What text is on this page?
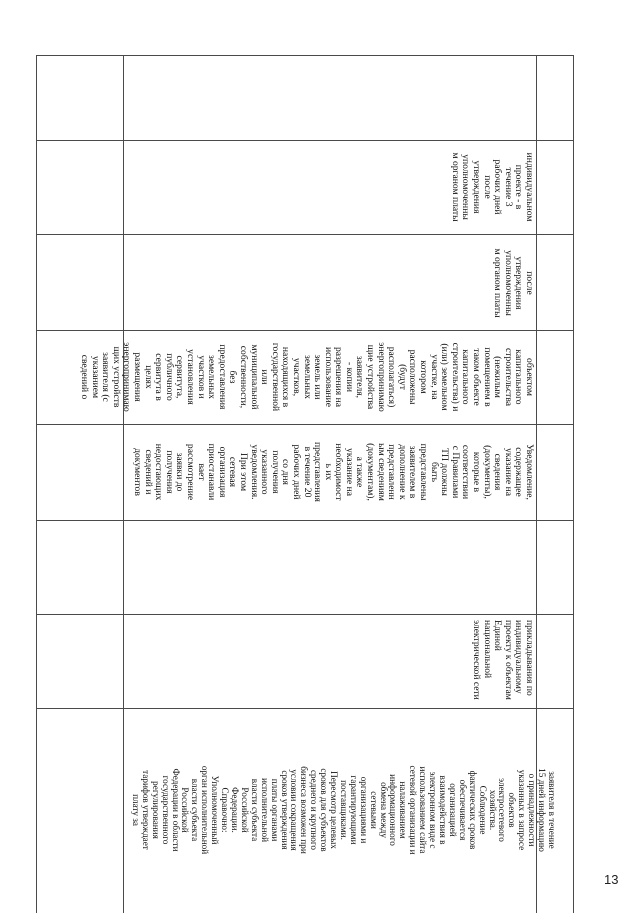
индивидуальном
проекте - в
течение 3
рабочих дней
после
утверждения
уполномоченны
м органом платы
после
утверждения
уполномоченны
м органом платы
объектом
капитального
строительства
(нежилым
помещением в
таком объекте
капитального
строительства) и
(или) земельном
участке, на
котором
расположены
(будут
располагаться)
энергопринимаю
щие устройства
заявителя,
- копии
разрешения на
использование
земель или
земельных
участков,
находящихся в
государственной
или
муниципальной
собственности,
без
предоставления
земельных
участков и
установления
сервитута,
публичного
сервитута в
целях
размещения
энергопринимаю
щих устройств
заявителя (с
указанием
сведений о
Уведомление,
содержащее
указание на
сведения
(документы),
которые в
соответствии
с Правилами
ТП должны
быть
представлены
заявителем в
дополнение к
представленн
ым сведениям
(документам),
а также
указание на
необходимост
ь их
представления
в течение 20
рабочих дней
со дня
получения
указанного
уведомления.
При этом
сетевая
организация
приостанавли
вает
рассмотрение
заявки до
получения
недостающих
сведений и
документов
прикладывания по
индивидуальному
проекту к объектам
Единой
национальной
электрической сети
заявителя в течение
15 дней информацию
о принадлежности
указанных в запросе
объектов
электросетевого
хозяйства.
Соблюдение
фактических сроков
обеспечивается
организацией
взаимодействия в
электронном виде с
использованием сайта
сетевой организации и
налаживанием
информационного
обмена между
сетевыми
организациями и
гарантирующими
поставщиками.
Пересмотр целевых
сроков для субъектов
среднего и крупного
бизнеса возможен при
условии сокращения
сроков утверждения
платы органами
исполнительной
власти субъекта
Российской
Федерации.
Справочно:
Уполномоченный
орган исполнительной
власти субъекта
Российской
Федерации в области
государственного
регулирования
тарифов утверждает
плату за
13
